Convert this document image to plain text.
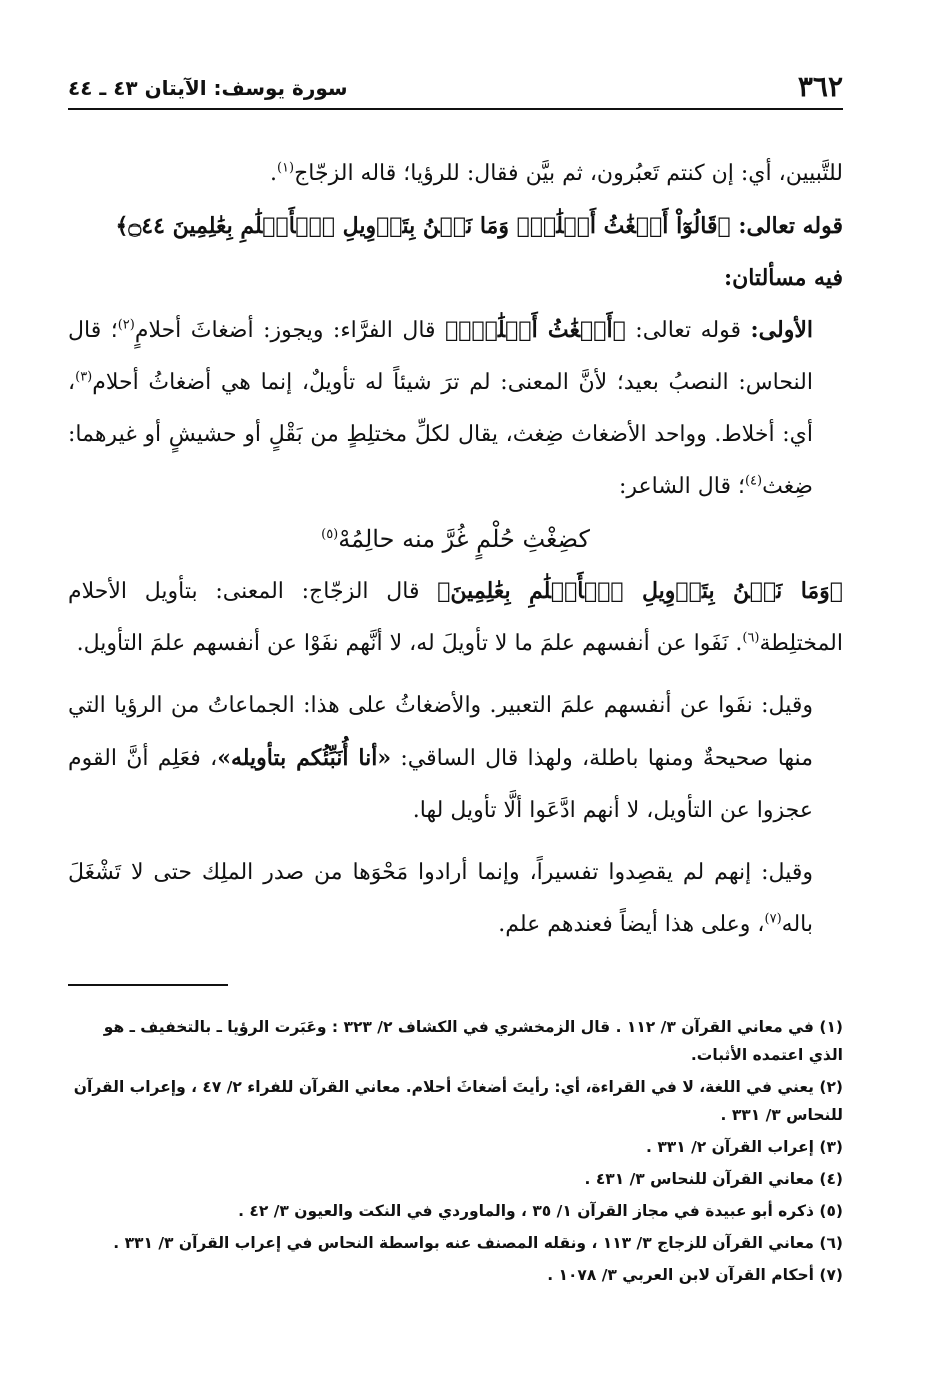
٣٦٢
سورة يوسف: الآيتان ٤٣ ـ ٤٤

للتَّبيين، أي: إن كنتم تَعبُرون، ثم بيَّن فقال: للرؤيا؛ قاله الزجّاج$^{(١)}$.

قوله تعالى: ﴿قَالُوٓاْ أَضۡغَٰثُ أَحۡلَٰمٖۖ وَمَا نَحۡنُ بِتَأۡوِيلِ ٱلۡأَحۡلَٰمِ بِعَٰلِمِينَ ۝٤٤﴾

فيه مسألتان:

الأولى: قوله تعالى: ﴿أَضۡغَٰثُ أَحۡلَٰمٖۖ﴾ قال الفرَّاء: ويجوز: أضغاثَ أحلامٍ$^{(٢)}$؛ قال النحاس: النصبُ بعيد؛ لأنَّ المعنى: لم ترَ شيئاً له تأويلٌ، إنما هي أضغاثُ أحلام$^{(٣)}$، أي: أخلاط. وواحد الأضغاث ضِغث، يقال لكلِّ مختلِطٍ من بَقْلٍ أو حشيشٍ أو غيرهما: ضِغث$^{(٤)}$؛ قال الشاعر:

كضِغْثِ حُلْمٍ غُرَّ منه حالِمُهْ$^{(٥)}$

﴿وَمَا نَحۡنُ بِتَأۡوِيلِ ٱلۡأَحۡلَٰمِ بِعَٰلِمِينَ﴾ قال الزجّاج: المعنى: بتأويل الأحلام المختلِطة$^{(٦)}$. نَفَوا عن أنفسهم علمَ ما لا تأويلَ له، لا أنَّهم نفَوْا عن أنفسهم علمَ التأويل.

وقيل: نفَوا عن أنفسهم علمَ التعبير. والأضغاثُ على هذا: الجماعاتُ من الرؤيا التي منها صحيحةٌ ومنها باطلة، ولهذا قال الساقي: «أنا أُنَبِّئُكم بتأويله»، فعَلِم أنَّ القوم عجزوا عن التأويل، لا أنهم ادَّعَوا ألَّا تأويل لها.

وقيل: إنهم لم يقصِدوا تفسيراً، وإنما أرادوا مَحْوَها من صدر الملِك حتى لا تَشْغَلَ باله$^{(٧)}$، وعلى هذا أيضاً فعندهم علم.

(١) في معاني القرآن ٣/ ١١٢ . قال الزمخشري في الكشاف ٢/ ٣٢٣ : وعَبَرت الرؤيا ـ بالتخفيف ـ هو الذي اعتمده الأثبات.

(٢) يعني في اللغة، لا في القراءة، أي: رأيتَ أضغاثَ أحلام. معاني القرآن للفراء ٢/ ٤٧ ، وإعراب القرآن للنحاس ٣/ ٣٣١ .

(٣) إعراب القرآن ٢/ ٣٣١ .

(٤) معاني القرآن للنحاس ٣/ ٤٣١ .

(٥) ذكره أبو عبيدة في مجاز القرآن ١/ ٣٥ ، والماوردي في النكت والعيون ٣/ ٤٢ .

(٦) معاني القرآن للزجاج ٣/ ١١٣ ، ونقله المصنف عنه بواسطة النحاس في إعراب القرآن ٣/ ٣٣١ .

(٧) أحكام القرآن لابن العربي ٣/ ١٠٧٨ .
